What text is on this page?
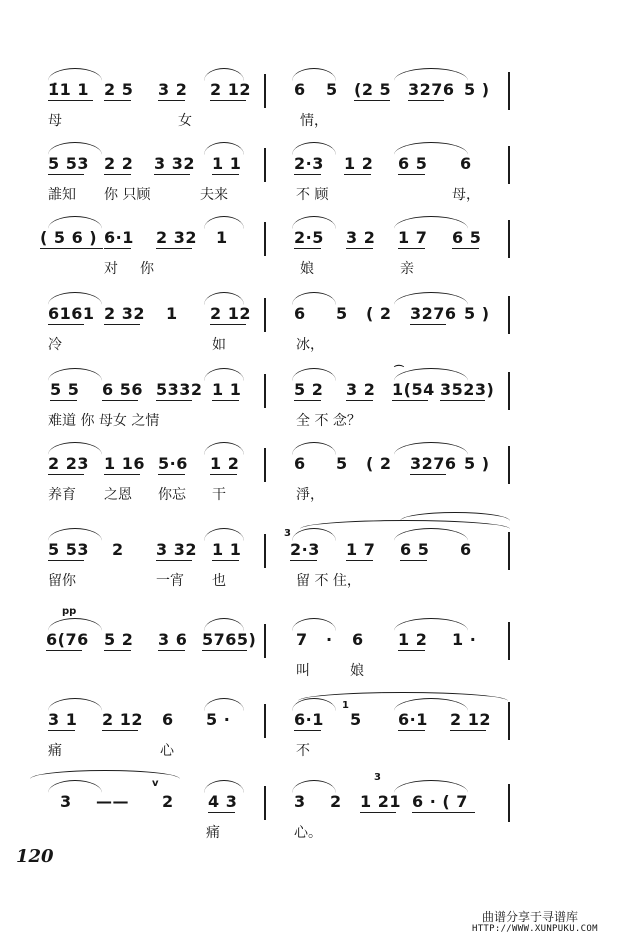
1̇1 1 2 5 3 2 2 12	6 5 (2 5 3276 5 )
母	女	情，
5 53 2 2 3 32 1 1	2·3 1 2 6 5 6
誰知 你 只顾	夫来	不 顾	母，
( 5 6 ) 6·1 2 32 1	2·5 3 2 1 7 6 5
对 你	娘	亲
6161 2 32 1 2 12	6 5 ( 2 3276 5 )
冷	如	冰，
5 5 6 56 5332 1 1	5 2 3 2 1(54 3523)
难道 你 母女 之情	全 不 念？
2 23 1 16 5·6 1 2	6 5 ( 2 3276 5 )
养育 之恩 你忘 干	淨，
5 53 2 3 32 1 1	2·3 1 7 6 5 6
留你	一宵 也	留 不 住，
6(76 5 2 3 6 5765) 7 · 6 1 2 1 ·
叫	娘
3 1 2 12 6 5 ·	6·1 5 6·1 2 12
痛	心	不
3 —— 2 4 3	3 2 1 21 6 · ( 7
痛	心。
120
曲谱分享于寻谱库
HTTP://WWW.XUNPUKU.COM
pp
3
1
3
v
⌒
